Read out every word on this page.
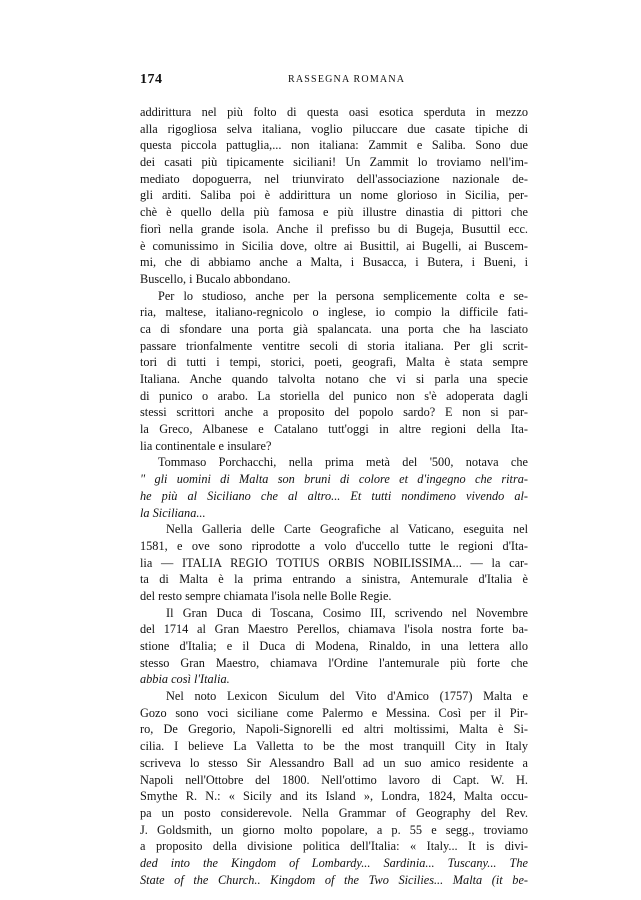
174	RASSEGNA ROMANA
addirittura nel più folto di questa oasi esotica sperduta in mezzo
alla rigogliosa selva italiana, voglio piluccare due casate tipiche di
questa piccola pattuglia,... non italiana: Zammit e Saliba. Sono due
dei casati più tipicamente siciliani! Un Zammit lo troviamo nell'im-
mediato dopoguerra, nel triunvirato dell'associazione nazionale de-
gli arditi. Saliba poi è addirittura un nome glorioso in Sicilia, per-
chè è quello della più famosa e più illustre dinastia di pittori che
fiorì nella grande isola. Anche il prefisso bu di Bugeja, Busuttil ecc.
è comunissimo in Sicilia dove, oltre ai Busittil, ai Bugelli, ai Buscem-
mi, che di abbiamo anche a Malta, i Busacca, i Butera, i Bueni, i
Buscello, i Bucalo abbondano.
Per lo studioso, anche per la persona semplicemente colta e se-
ria, maltese, italiano-regnicolo o inglese, io compio la difficile fati-
ca di sfondare una porta già spalancata. una porta che ha lasciato
passare trionfalmente ventitre secoli di storia italiana. Per gli scrit-
tori di tutti i tempi, storici, poeti, geografi, Malta è stata sempre
Italiana. Anche quando talvolta notano che vi si parla una specie
di punico o arabo. La storiella del punico non s'è adoperata dagli
stessi scrittori anche a proposito del popolo sardo? E non si par-
la Greco, Albanese e Catalano tutt'oggi in altre regioni della Ita-
lia continentale e insulare?
Tommaso Porchacchi, nella prima metà del '500, notava che
" gli uomini di Malta son bruni di colore et d'ingegno che ritra-
he più al Siciliano che al altro... Et tutti nondimeno vivendo al-
la Siciliana...
Nella Galleria delle Carte Geografiche al Vaticano, eseguita nel
1581, e ove sono riprodotte a volo d'uccello tutte le regioni d'Ita-
lia — ITALIA REGIO TOTIUS ORBIS NOBILISSIMA... — la car-
ta di Malta è la prima entrando a sinistra, Antemurale d'Italia è
del resto sempre chiamata l'isola nelle Bolle Regie.
Il Gran Duca di Toscana, Cosimo III, scrivendo nel Novembre
del 1714 al Gran Maestro Perellos, chiamava l'isola nostra forte ba-
stione d'Italia; e il Duca di Modena, Rinaldo, in una lettera allo
stesso Gran Maestro, chiamava l'Ordine l'antemurale più forte che
abbia così l'Italia.
Nel noto Lexicon Siculum del Vito d'Amico (1757) Malta e
Gozo sono voci siciliane come Palermo e Messina. Così per il Pir-
ro, De Gregorio, Napoli-Signorelli ed altri moltissimi, Malta è Si-
cilia. I believe La Valletta to be the most tranquill City in Italy
scriveva lo stesso Sir Alessandro Ball ad un suo amico residente a
Napoli nell'Ottobre del 1800. Nell'ottimo lavoro di Capt. W. H.
Smythe R. N.: « Sicily and its Island », Londra, 1824, Malta occu-
pa un posto considerevole. Nella Grammar of Geography del Rev.
J. Goldsmith, un giorno molto popolare, a p. 55 e segg., troviamo
a proposito della divisione politica dell'Italia: « Italy... It is divi-
ded into the Kingdom of Lombardy... Sardinia... Tuscany... The
State of the Church.. Kingdom of the Two Sicilies... Malta (it be-
